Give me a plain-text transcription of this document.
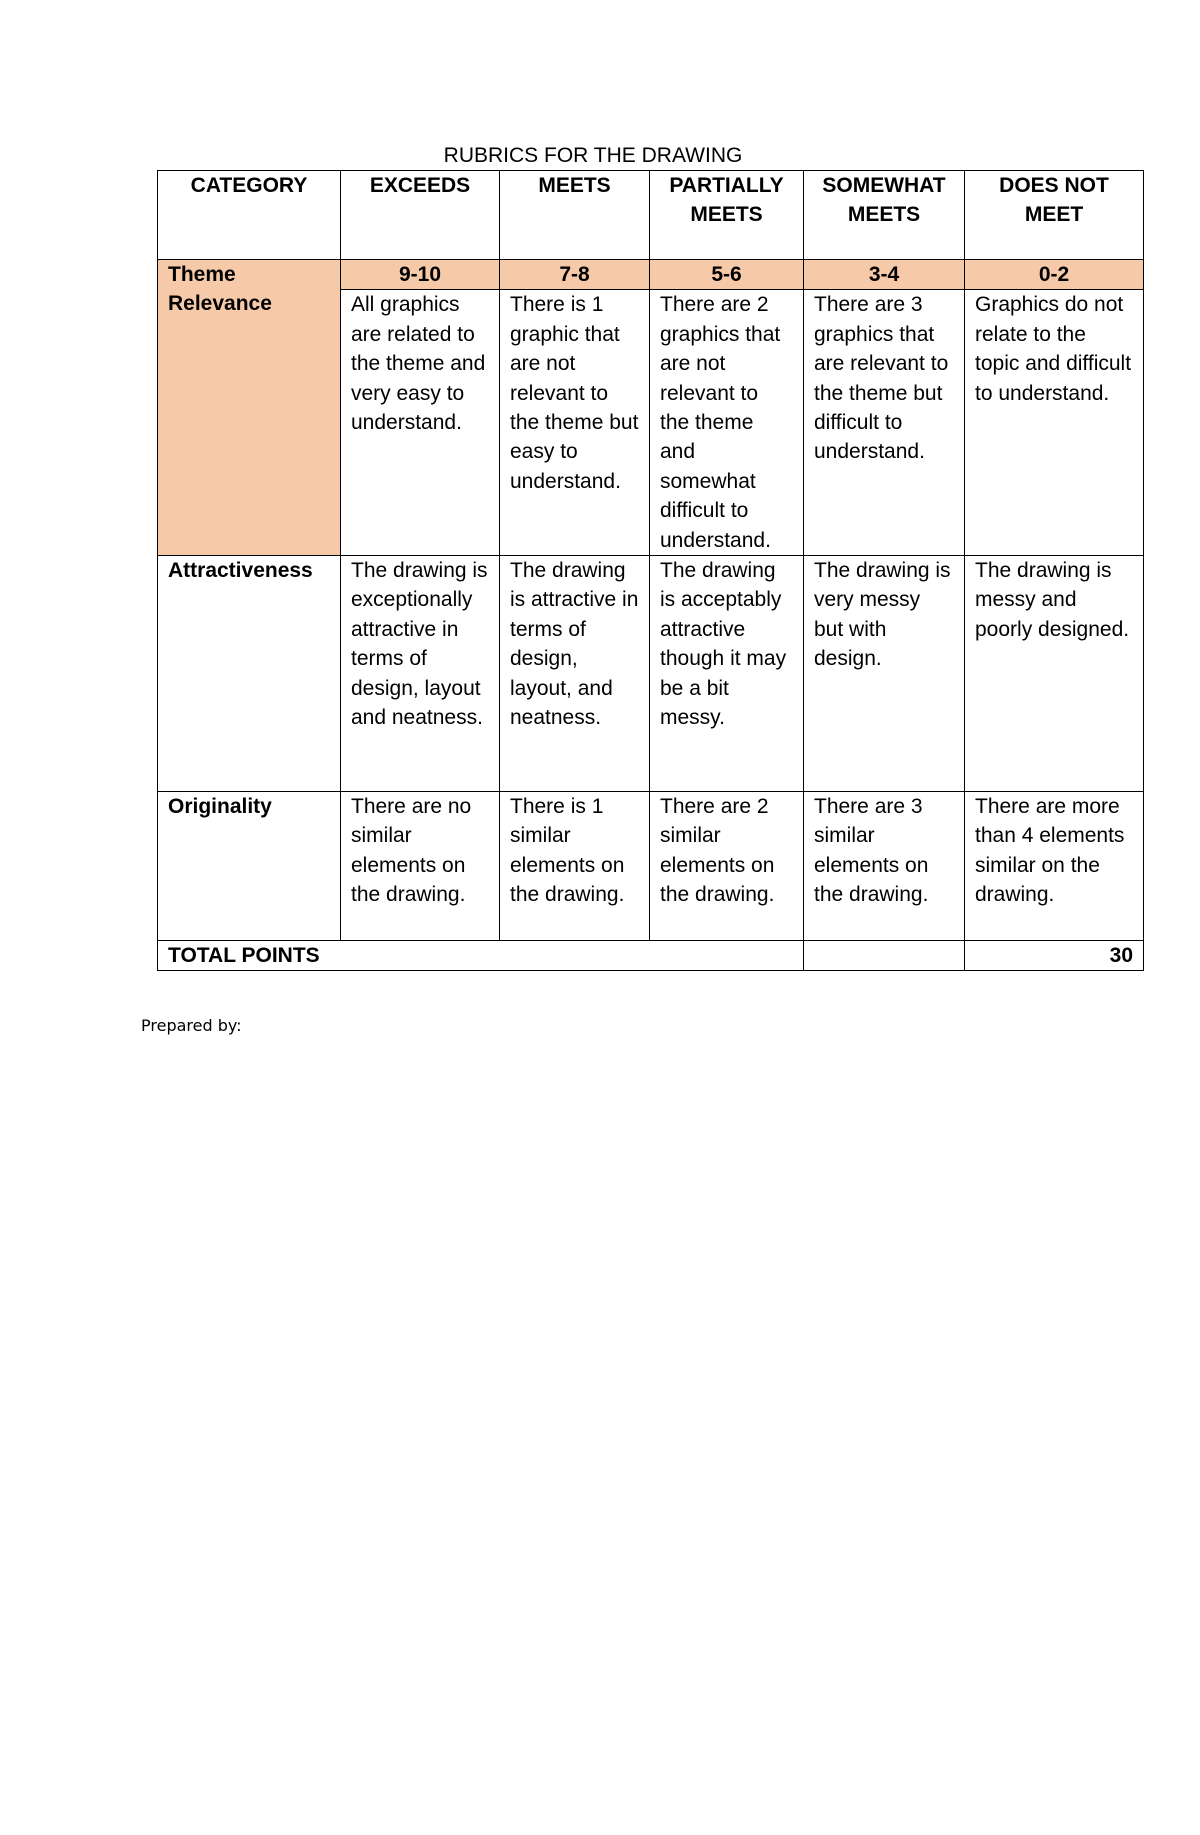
RUBRICS FOR THE DRAWING
CATEGORY	EXCEEDS	MEETS	PARTIALLY MEETS	SOMEWHAT MEETS	DOES NOT MEET
Theme Relevance	9-10	7-8	5-6	3-4	0-2
	All graphics are related to the theme and very easy to understand.	There is 1 graphic that are not relevant to the theme but easy to understand.	There are 2 graphics that are not relevant to the theme and somewhat difficult to understand.	There are 3 graphics that are relevant to the theme but difficult to understand.	Graphics do not relate to the topic and difficult to understand.
Attractiveness	The drawing is exceptionally attractive in terms of design, layout and neatness.	The drawing is attractive in terms of design, layout, and neatness.	The drawing is acceptably attractive though it may be a bit messy.	The drawing is very messy but with design.	The drawing is messy and poorly designed.
Originality	There are no similar elements on the drawing.	There is 1 similar elements on the drawing.	There are 2 similar elements on the drawing.	There are 3 similar elements on the drawing.	There are more than 4 elements similar on the drawing.
TOTAL POINTS					30
Prepared by:
